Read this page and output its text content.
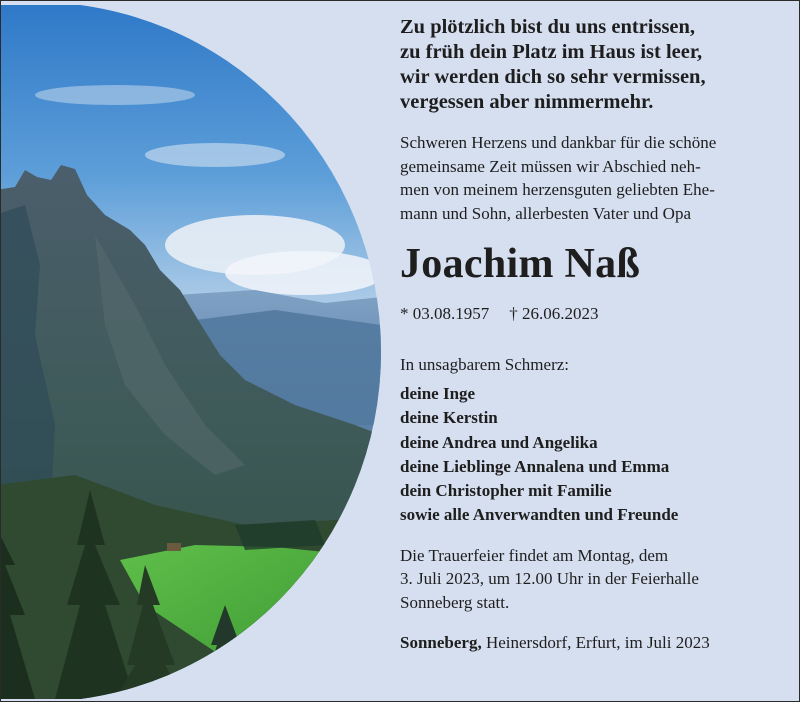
Zu plötzlich bist du uns entrissen,
zu früh dein Platz im Haus ist leer,
wir werden dich so sehr vermissen,
vergessen aber nimmermehr.

Schweren Herzens und dankbar für die schöne
gemeinsame Zeit müssen wir Abschied neh-
men von meinem herzensguten geliebten Ehe-
mann und Sohn, allerbesten Vater und Opa

Joachim Naß

* 03.08.1957 † 26.06.2023

In unsagbarem Schmerz:

deine Inge
deine Kerstin
deine Andrea und Angelika
deine Lieblinge Annalena und Emma
dein Christopher mit Familie
sowie alle Anverwandten und Freunde

Die Trauerfeier findet am Montag, dem
3. Juli 2023, um 12.00 Uhr in der Feierhalle
Sonneberg statt.

Sonneberg, Heinersdorf, Erfurt, im Juli 2023
